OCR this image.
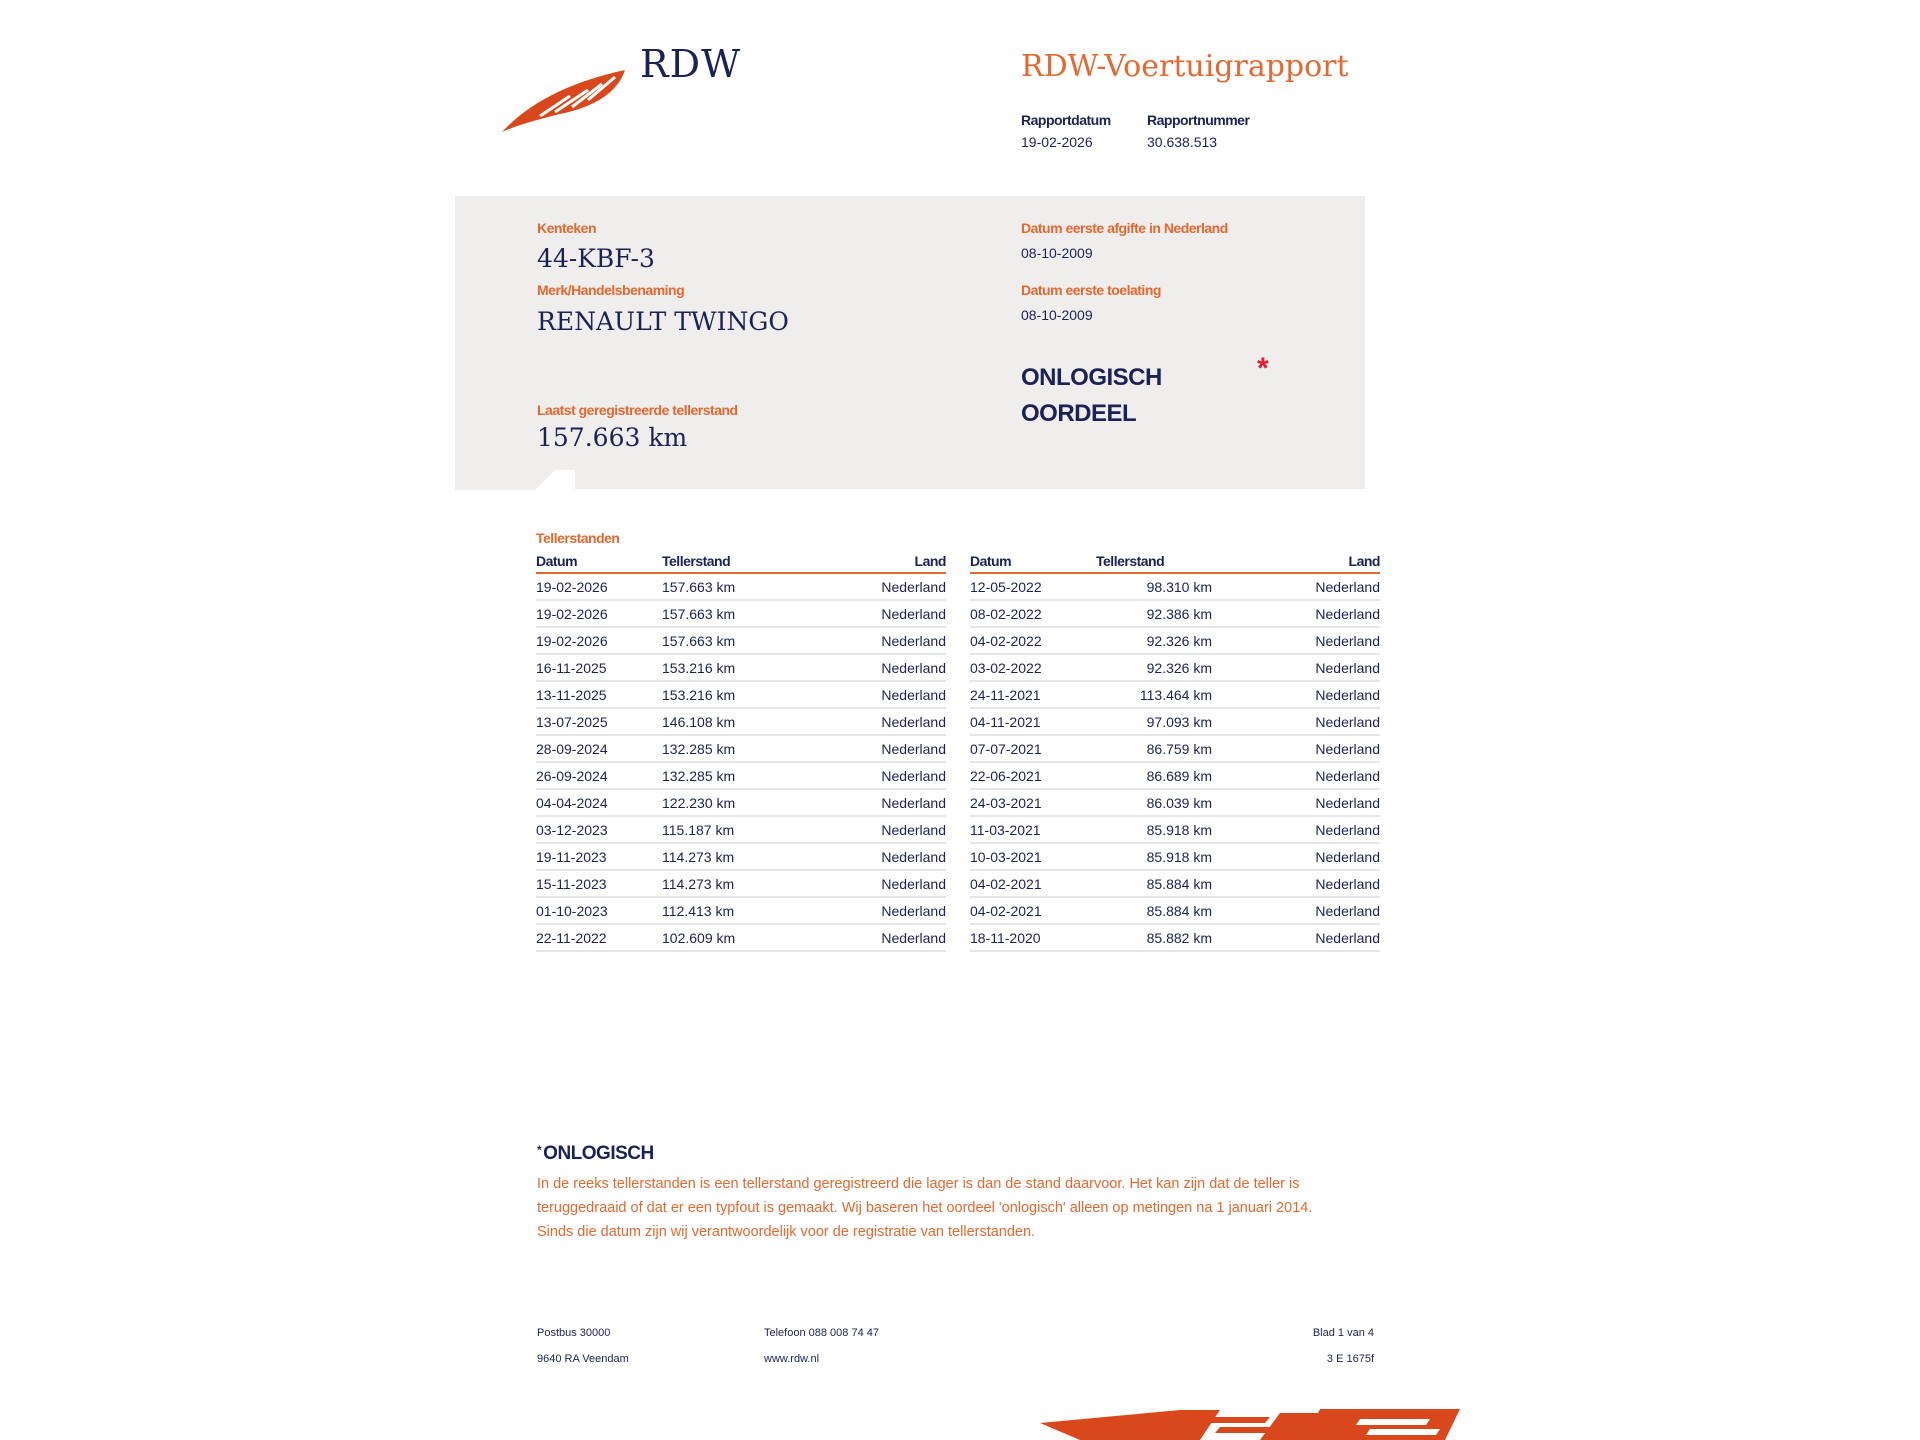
RDW	RDW-Voertuigrapport
Rapportdatum
19-02-2026
Rapportnummer
30.638.513
Kenteken
44-KBF-3
Merk/Handelsbenaming
RENAULT TWINGO
Laatst geregistreerde tellerstand
157.663 km
Datum eerste afgifte in Nederland
08-10-2009
Datum eerste toelating
08-10-2009
ONLOGISCH
OORDEEL
*
Tellerstanden
Datum	Tellerstand	Land
19-02-2026	157.663 km	Nederland
19-02-2026	157.663 km	Nederland
19-02-2026	157.663 km	Nederland
16-11-2025	153.216 km	Nederland
13-11-2025	153.216 km	Nederland
13-07-2025	146.108 km	Nederland
28-09-2024	132.285 km	Nederland
26-09-2024	132.285 km	Nederland
04-04-2024	122.230 km	Nederland
03-12-2023	115.187 km	Nederland
19-11-2023	114.273 km	Nederland
15-11-2023	114.273 km	Nederland
01-10-2023	112.413 km	Nederland
22-11-2022	102.609 km	Nederland
Datum	Tellerstand	Land
12-05-2022	98.310 km	Nederland
08-02-2022	92.386 km	Nederland
04-02-2022	92.326 km	Nederland
03-02-2022	92.326 km	Nederland
24-11-2021	113.464 km	Nederland
04-11-2021	97.093 km	Nederland
07-07-2021	86.759 km	Nederland
22-06-2021	86.689 km	Nederland
24-03-2021	86.039 km	Nederland
11-03-2021	85.918 km	Nederland
10-03-2021	85.918 km	Nederland
04-02-2021	85.884 km	Nederland
04-02-2021	85.884 km	Nederland
18-11-2020	85.882 km	Nederland
* ONLOGISCH
In de reeks tellerstanden is een tellerstand geregistreerd die lager is dan de stand daarvoor. Het kan zijn dat de teller is teruggedraaid of dat er een typfout is gemaakt. Wij baseren het oordeel 'onlogisch' alleen op metingen na 1 januari 2014. Sinds die datum zijn wij verantwoordelijk voor de registratie van tellerstanden.
Postbus 30000
9640 RA Veendam
Telefoon 088 008 74 47
www.rdw.nl
Blad 1 van 4
3 E 1675f
